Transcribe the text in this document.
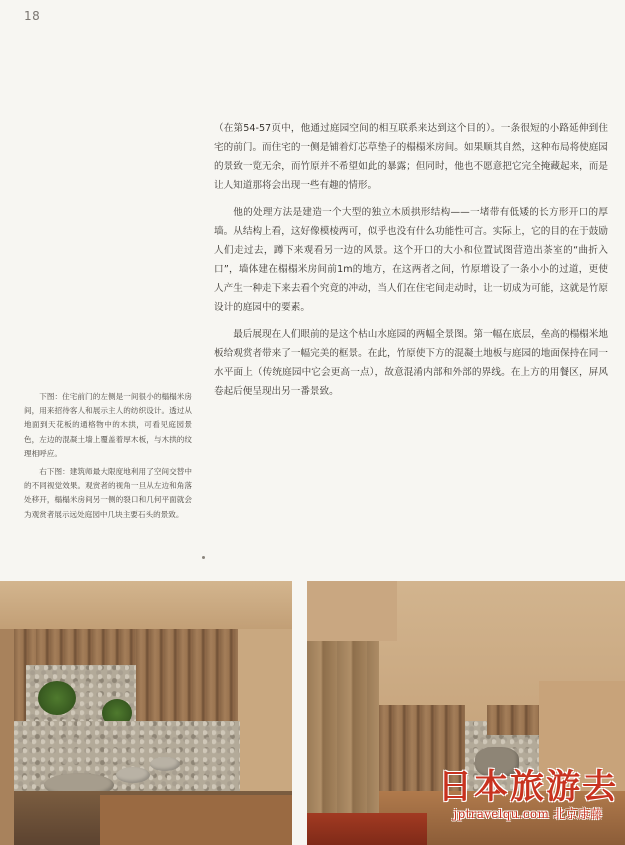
18

（在第54-57页中，他通过庭园空间的相互联系来达到这个目的）。一条很短的小路延伸到住宅的前门。而住宅的一侧是铺着灯芯草垫子的榻榻米房间。如果顺其自然，这种布局将使庭园的景致一览无余，而竹原并不希望如此的暴露；但同时，他也不愿意把它完全掩藏起来，而是让人知道那将会出现一些有趣的情形。

他的处理方法是建造一个大型的独立木质拱形结构——一堵带有低矮的长方形开口的厚墙。从结构上看，这好像模棱两可，似乎也没有什么功能性可言。实际上，它的目的在于鼓励人们走过去，蹲下来观看另一边的风景。这个开口的大小和位置试图营造出茶室的“曲折入口”，墙体建在榻榻米房间前1m的地方，在这两者之间，竹原增设了一条小小的过道，更使人产生一种走下来去看个究竟的冲动，当人们在住宅间走动时，让一切成为可能，这就是竹原设计的庭园中的要素。

最后展现在人们眼前的是这个枯山水庭园的两幅全景图。第一幅在底层，垒高的榻榻米地板给观赏者带来了一幅完美的框景。在此，竹原使下方的混凝土地板与庭园的地面保持在同一水平面上（传统庭园中它会更高一点），故意混淆内部和外部的界线。在上方的用餐区，屏风卷起后便呈现出另一番景致。

下图：住宅前门的左侧是一间很小的榻榻米房间，用来招待客人和展示主人的纺织设计。透过从地面到天花板的通格物中的木拱，可看见庭园景色，左边的混凝土墙上覆盖着厚木板，与木拱的纹理相呼应。

右下图：建筑师最大限度地利用了空间交替中的不同视觉效果。观赏者的视角一旦从左边和角落处移开，榻榻米房间另一侧的裂口和几何平面就会为观赏者展示远处庭园中几块主要石头的景致。

日本旅游去
jptravelqu.com 北京康藤
